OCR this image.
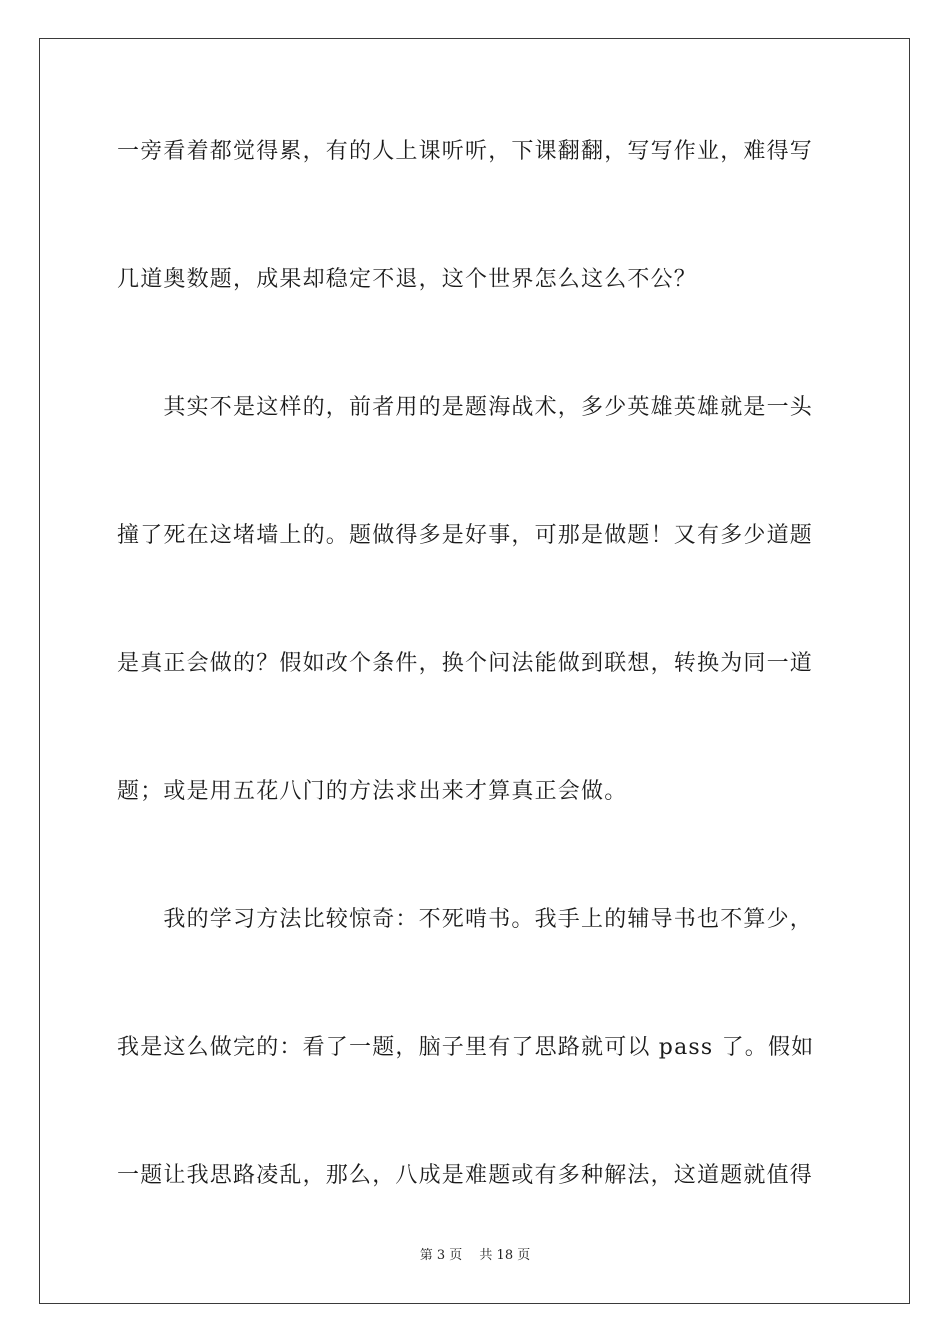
一旁看着都觉得累，有的人上课听听，下课翻翻，写写作业，难得写
几道奥数题，成果却稳定不退，这个世界怎么这么不公？
　　其实不是这样的，前者用的是题海战术，多少英雄英雄就是一头
撞了死在这堵墙上的。题做得多是好事，可那是做题！又有多少道题
是真正会做的？假如改个条件，换个问法能做到联想，转换为同一道
题；或是用五花八门的方法求出来才算真正会做。
　　我的学习方法比较惊奇：不死啃书。我手上的辅导书也不算少，
我是这么做完的：看了一题，脑子里有了思路就可以 pass 了。假如
一题让我思路凌乱，那么，八成是难题或有多种解法，这道题就值得
第 3 页　 共 18 页
